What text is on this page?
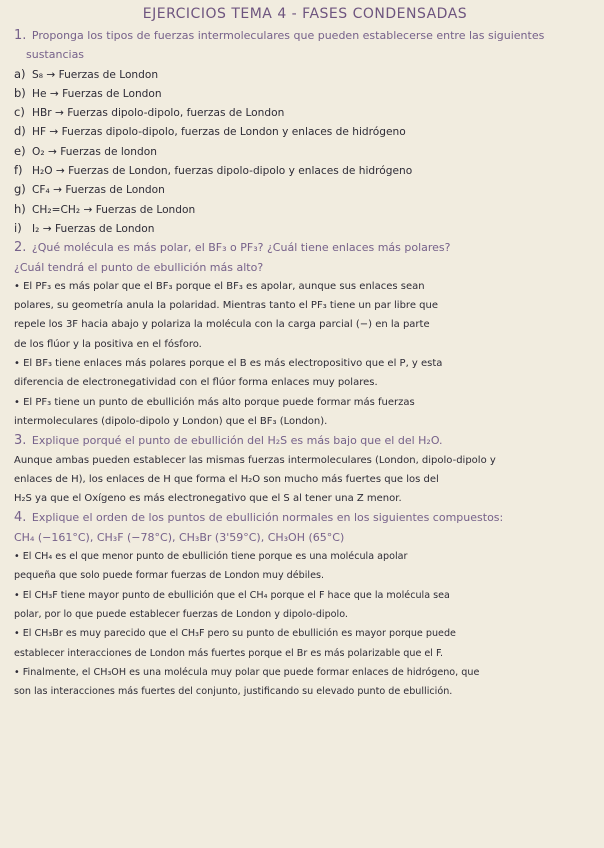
EJERCICIOS TEMA 4 - FASES CONDENSADAS
1. Proponga los tipos de fuerzas intermoleculares que pueden establecerse entre las siguientes
sustancias
a) S₈ → Fuerzas de London
b) He → Fuerzas de London
c) HBr → Fuerzas dipolo-dipolo, fuerzas de London
d) HF → Fuerzas dipolo-dipolo, fuerzas de London y enlaces de hidrógeno
e) O₂ → Fuerzas de london
f) H₂O → Fuerzas de London, fuerzas dipolo-dipolo y enlaces de hidrógeno
g) CF₄ → Fuerzas de London
h) CH₂=CH₂ → Fuerzas de London
i) I₂ → Fuerzas de London
2. ¿Qué molécula es más polar, el BF₃ o PF₃? ¿Cuál tiene enlaces más polares?
¿Cuál tendrá el punto de ebullición más alto?
• El PF₃ es más polar que el BF₃ porque el BF₃ es apolar, aunque sus enlaces sean
polares, su geometría anula la polaridad. Mientras tanto el PF₃ tiene un par libre que
repele los 3F hacia abajo y polariza la molécula con la carga parcial (−) en la parte
de los flúor y la positiva en el fósforo.
• El BF₃ tiene enlaces más polares porque el B es más electropositivo que el P, y esta
diferencia de electronegatividad con el flúor forma enlaces muy polares.
• El PF₃ tiene un punto de ebullición más alto porque puede formar más fuerzas
intermoleculares (dipolo-dipolo y London) que el BF₃ (London).
3. Explique porqué el punto de ebullición del H₂S es más bajo que el del H₂O.
Aunque ambas pueden establecer las mismas fuerzas intermoleculares (London, dipolo-dipolo y
enlaces de H), los enlaces de H que forma el H₂O son mucho más fuertes que los del
H₂S ya que el Oxígeno es más electronegativo que el S al tener una Z menor.
4. Explique el orden de los puntos de ebullición normales en los siguientes compuestos:
CH₄ (−161°C), CH₃F (−78°C), CH₃Br (3'59°C), CH₃OH (65°C)
• El CH₄ es el que menor punto de ebullición tiene porque es una molécula apolar
pequeña que solo puede formar fuerzas de London muy débiles.
• El CH₃F tiene mayor punto de ebullición que el CH₄ porque el F hace que la molécula sea
polar, por lo que puede establecer fuerzas de London y dipolo-dipolo.
• El CH₃Br es muy parecido que el CH₃F pero su punto de ebullición es mayor porque puede
establecer interacciones de London más fuertes porque el Br es más polarizable que el F.
• Finalmente, el CH₃OH es una molécula muy polar que puede formar enlaces de hidrógeno, que
son las interacciones más fuertes del conjunto, justificando su elevado punto de ebullición.
